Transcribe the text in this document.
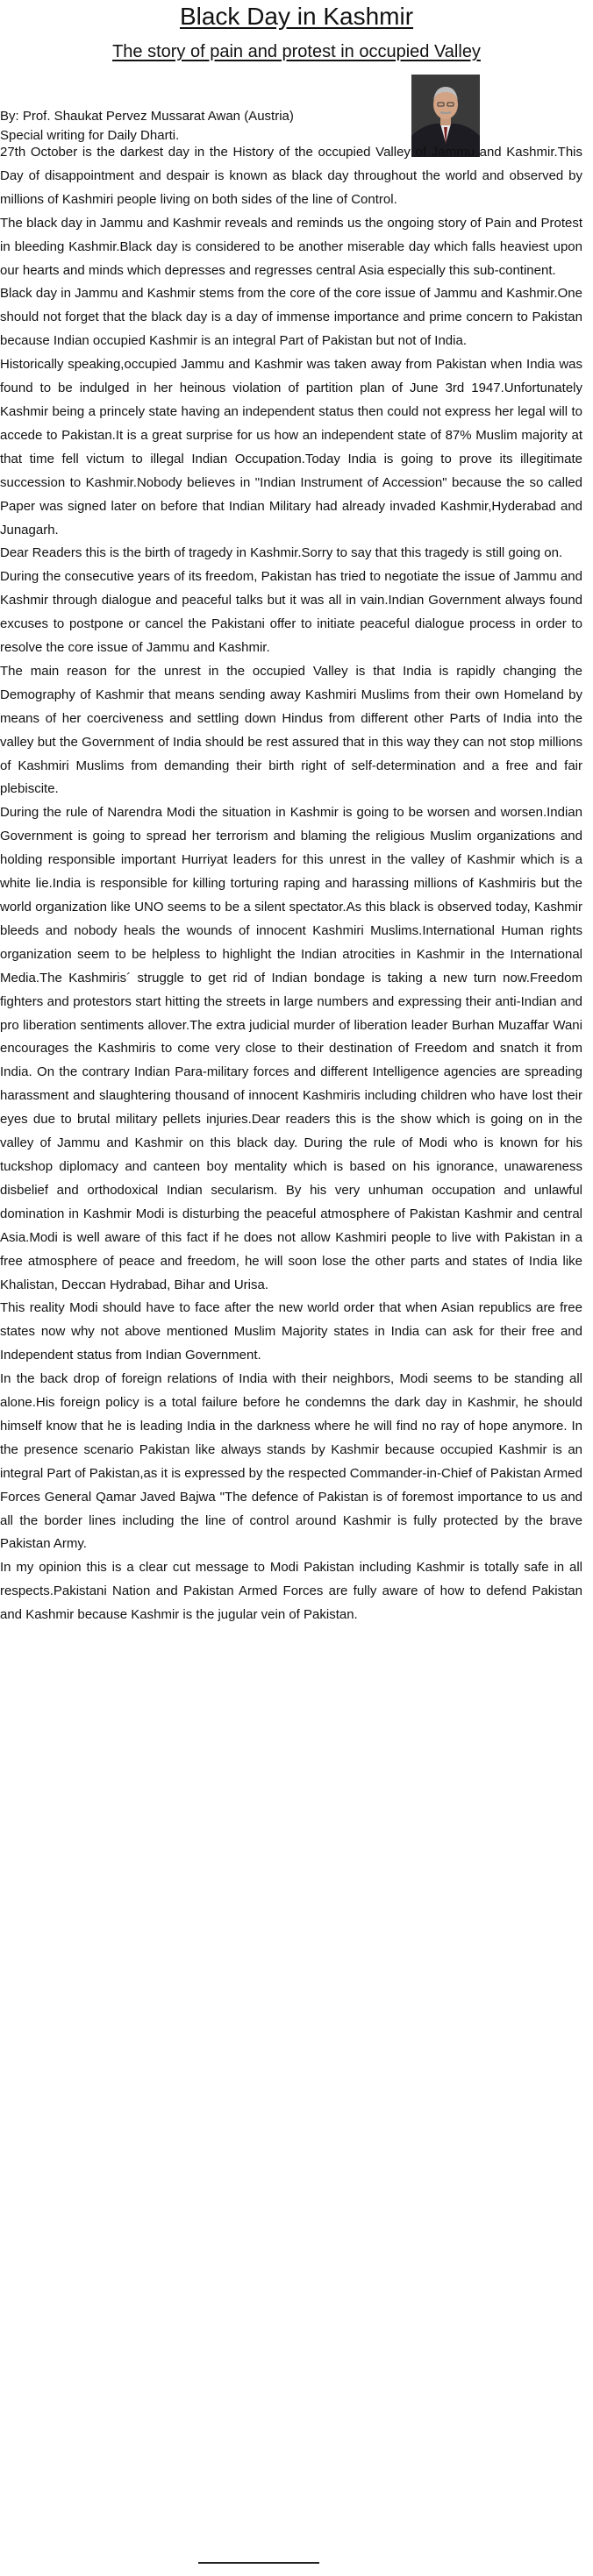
Black Day in Kashmir
The story of pain and protest in occupied Valley
By: Prof. Shaukat Pervez Mussarat Awan (Austria)
Special writing for Daily Dharti.

27th October is the darkest day in the History of the occupied Valley of Jammu and Kashmir.This Day of disappointment and despair is known as black day throughout the world and observed by millions of Kashmiri people living on both sides of the line of Control.

The black day in Jammu and Kashmir reveals and reminds us the ongoing story of Pain and Protest in bleeding Kashmir.Black day is considered to be another miserable day which falls heaviest upon our hearts and minds which depresses and regresses central Asia especially this sub-continent.

Black day in Jammu and Kashmir stems from the core of the core issue of Jammu and Kashmir.One should not forget that the black day is a day of immense importance and prime concern to Pakistan because Indian occupied Kashmir is an integral Part of Pakistan but not of India.

Historically speaking,occupied Jammu and Kashmir was taken away from Pakistan when India was found to be indulged in her heinous violation of partition plan of June 3rd 1947.Unfortunately Kashmir being a princely state having an independent status then could not express her legal will to accede to Pakistan.It is a great surprise for us how an independent state of 87% Muslim majority at that time fell victum to illegal Indian Occupation.Today India is going to prove its illegitimate succession to Kashmir.Nobody believes in "Indian Instrument of Accession" because the so called Paper was signed later on before that Indian Military had already invaded Kashmir,Hyderabad and Junagarh.

Dear Readers this is the birth of tragedy in Kashmir.Sorry to say that this tragedy is still going on.

During the consecutive years of its freedom, Pakistan has tried to negotiate the issue of Jammu and Kashmir through dialogue and peaceful talks but it was all in vain.Indian Government always found excuses to postpone or cancel the Pakistani offer to initiate peaceful dialogue process in order to resolve the core issue of Jammu and Kashmir.

The main reason for the unrest in the occupied Valley is that India is rapidly changing the Demography of Kashmir that means sending away Kashmiri Muslims from their own Homeland by means of her coerciveness and settling down Hindus from different other Parts of India into the valley but the Government of India should be rest assured that in this way they can not stop millions of Kashmiri Muslims from demanding their birth right of self-determination and a free and fair plebiscite.

During the rule of Narendra Modi the situation in Kashmir is going to be worsen and worsen.Indian Government is going to spread her terrorism and blaming the religious Muslim organizations and holding responsible important Hurriyat leaders for this unrest in the valley of Kashmir which is a white lie.India is responsible for killing torturing raping and harassing millions of Kashmiris but the world organization like UNO seems to be a silent spectator.As this black is observed today, Kashmir bleeds and nobody heals the wounds of innocent Kashmiri Muslims.International Human rights organization seem to be helpless to highlight the Indian atrocities in Kashmir in the International Media.The Kashmiris´ struggle to get rid of Indian bondage is taking a new turn now.Freedom fighters and protestors start hitting the streets in large numbers and expressing their anti-Indian and pro liberation sentiments allover.The extra judicial murder of liberation leader Burhan Muzaffar Wani encourages the Kashmiris to come very close to their destination of Freedom and snatch it from India. On the contrary Indian Para-military forces and different Intelligence agencies are spreading harassment and slaughtering thousand of innocent Kashmiris including children who have lost their eyes due to brutal military pellets injuries.Dear readers this is the show which is going on in the valley of Jammu and Kashmir on this black day. During the rule of Modi who is known for his tuckshop diplomacy and canteen boy mentality which is based on his ignorance, unawareness disbelief and orthodoxical Indian secularism. By his very unhuman occupation and unlawful domination in Kashmir Modi is disturbing the peaceful atmosphere of Pakistan Kashmir and central Asia.Modi is well aware of this fact if he does not allow Kashmiri people to live with Pakistan in a free atmosphere of peace and freedom, he will soon lose the other parts and states of India like Khalistan, Deccan Hydrabad, Bihar and Urisa.

This reality Modi should have to face after the new world order that when Asian republics are free states now why not above mentioned Muslim Majority states in India can ask for their free and Independent status from Indian Government.

In the back drop of foreign relations of India with their neighbors, Modi seems to be standing all alone.His foreign policy is a total failure before he condemns the dark day in Kashmir, he should himself know that he is leading India in the darkness where he will find no ray of hope anymore. In the presence scenario Pakistan like always stands by Kashmir because occupied Kashmir is an integral Part of Pakistan,as it is expressed by the respected Commander-in-Chief of Pakistan Armed Forces General Qamar Javed Bajwa "The defence of Pakistan is of foremost importance to us and all the border lines including the line of control around Kashmir is fully protected by the brave Pakistan Army.

In my opinion this is a clear cut message to Modi Pakistan including Kashmir is totally safe in all respects.Pakistani Nation and Pakistan Armed Forces are fully aware of how to defend Pakistan and Kashmir because Kashmir is the jugular vein of Pakistan.
